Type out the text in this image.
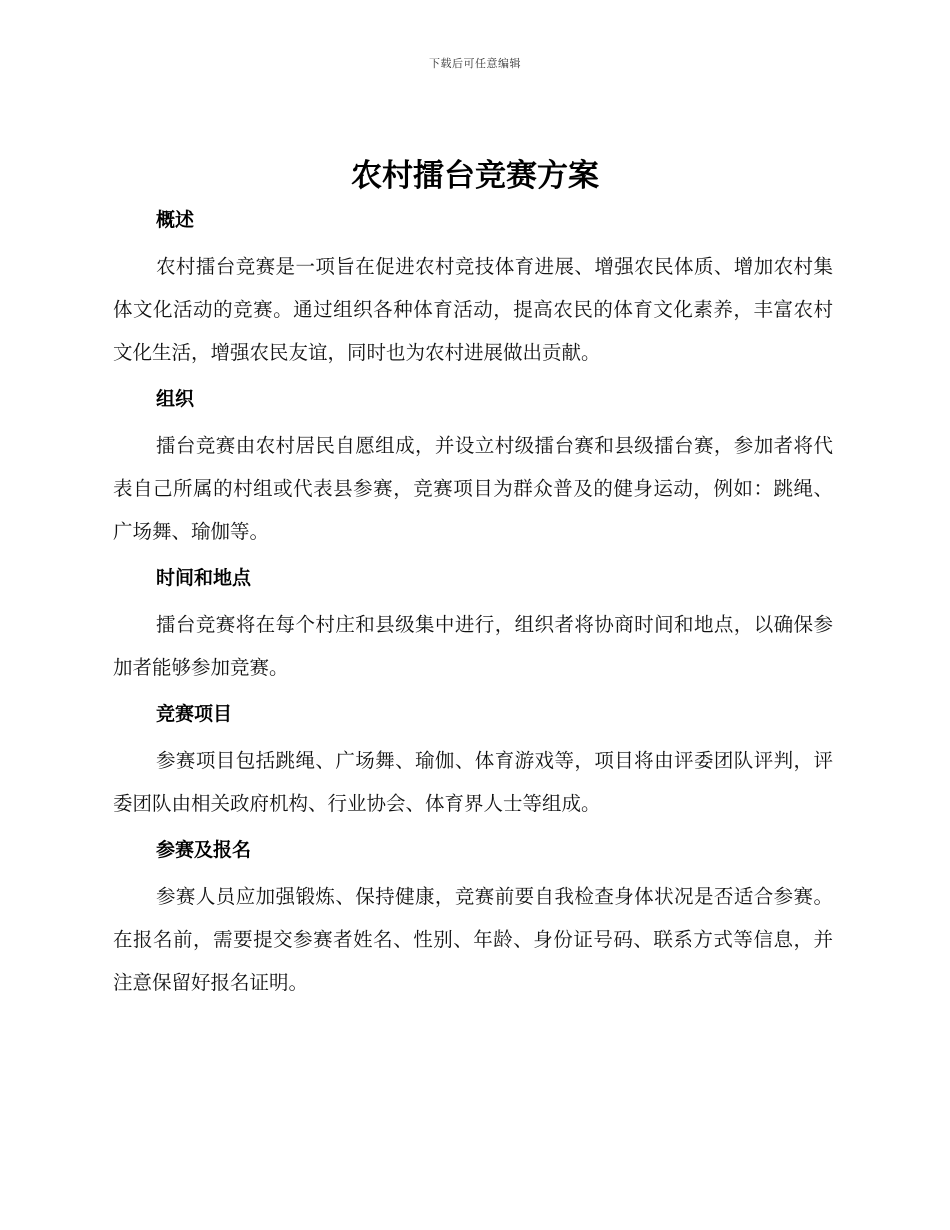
下载后可任意编辑
农村擂台竞赛方案
概述

农村擂台竞赛是一项旨在促进农村竞技体育进展、增强农民体质、增加农村集体文化活动的竞赛。通过组织各种体育活动，提高农民的体育文化素养，丰富农村文化生活，增强农民友谊，同时也为农村进展做出贡献。

组织

擂台竞赛由农村居民自愿组成，并设立村级擂台赛和县级擂台赛，参加者将代表自己所属的村组或代表县参赛，竞赛项目为群众普及的健身运动，例如：跳绳、广场舞、瑜伽等。

时间和地点

擂台竞赛将在每个村庄和县级集中进行，组织者将协商时间和地点，以确保参加者能够参加竞赛。

竞赛项目

参赛项目包括跳绳、广场舞、瑜伽、体育游戏等，项目将由评委团队评判，评委团队由相关政府机构、行业协会、体育界人士等组成。

参赛及报名

参赛人员应加强锻炼、保持健康，竞赛前要自我检查身体状况是否适合参赛。在报名前，需要提交参赛者姓名、性别、年龄、身份证号码、联系方式等信息，并注意保留好报名证明。
